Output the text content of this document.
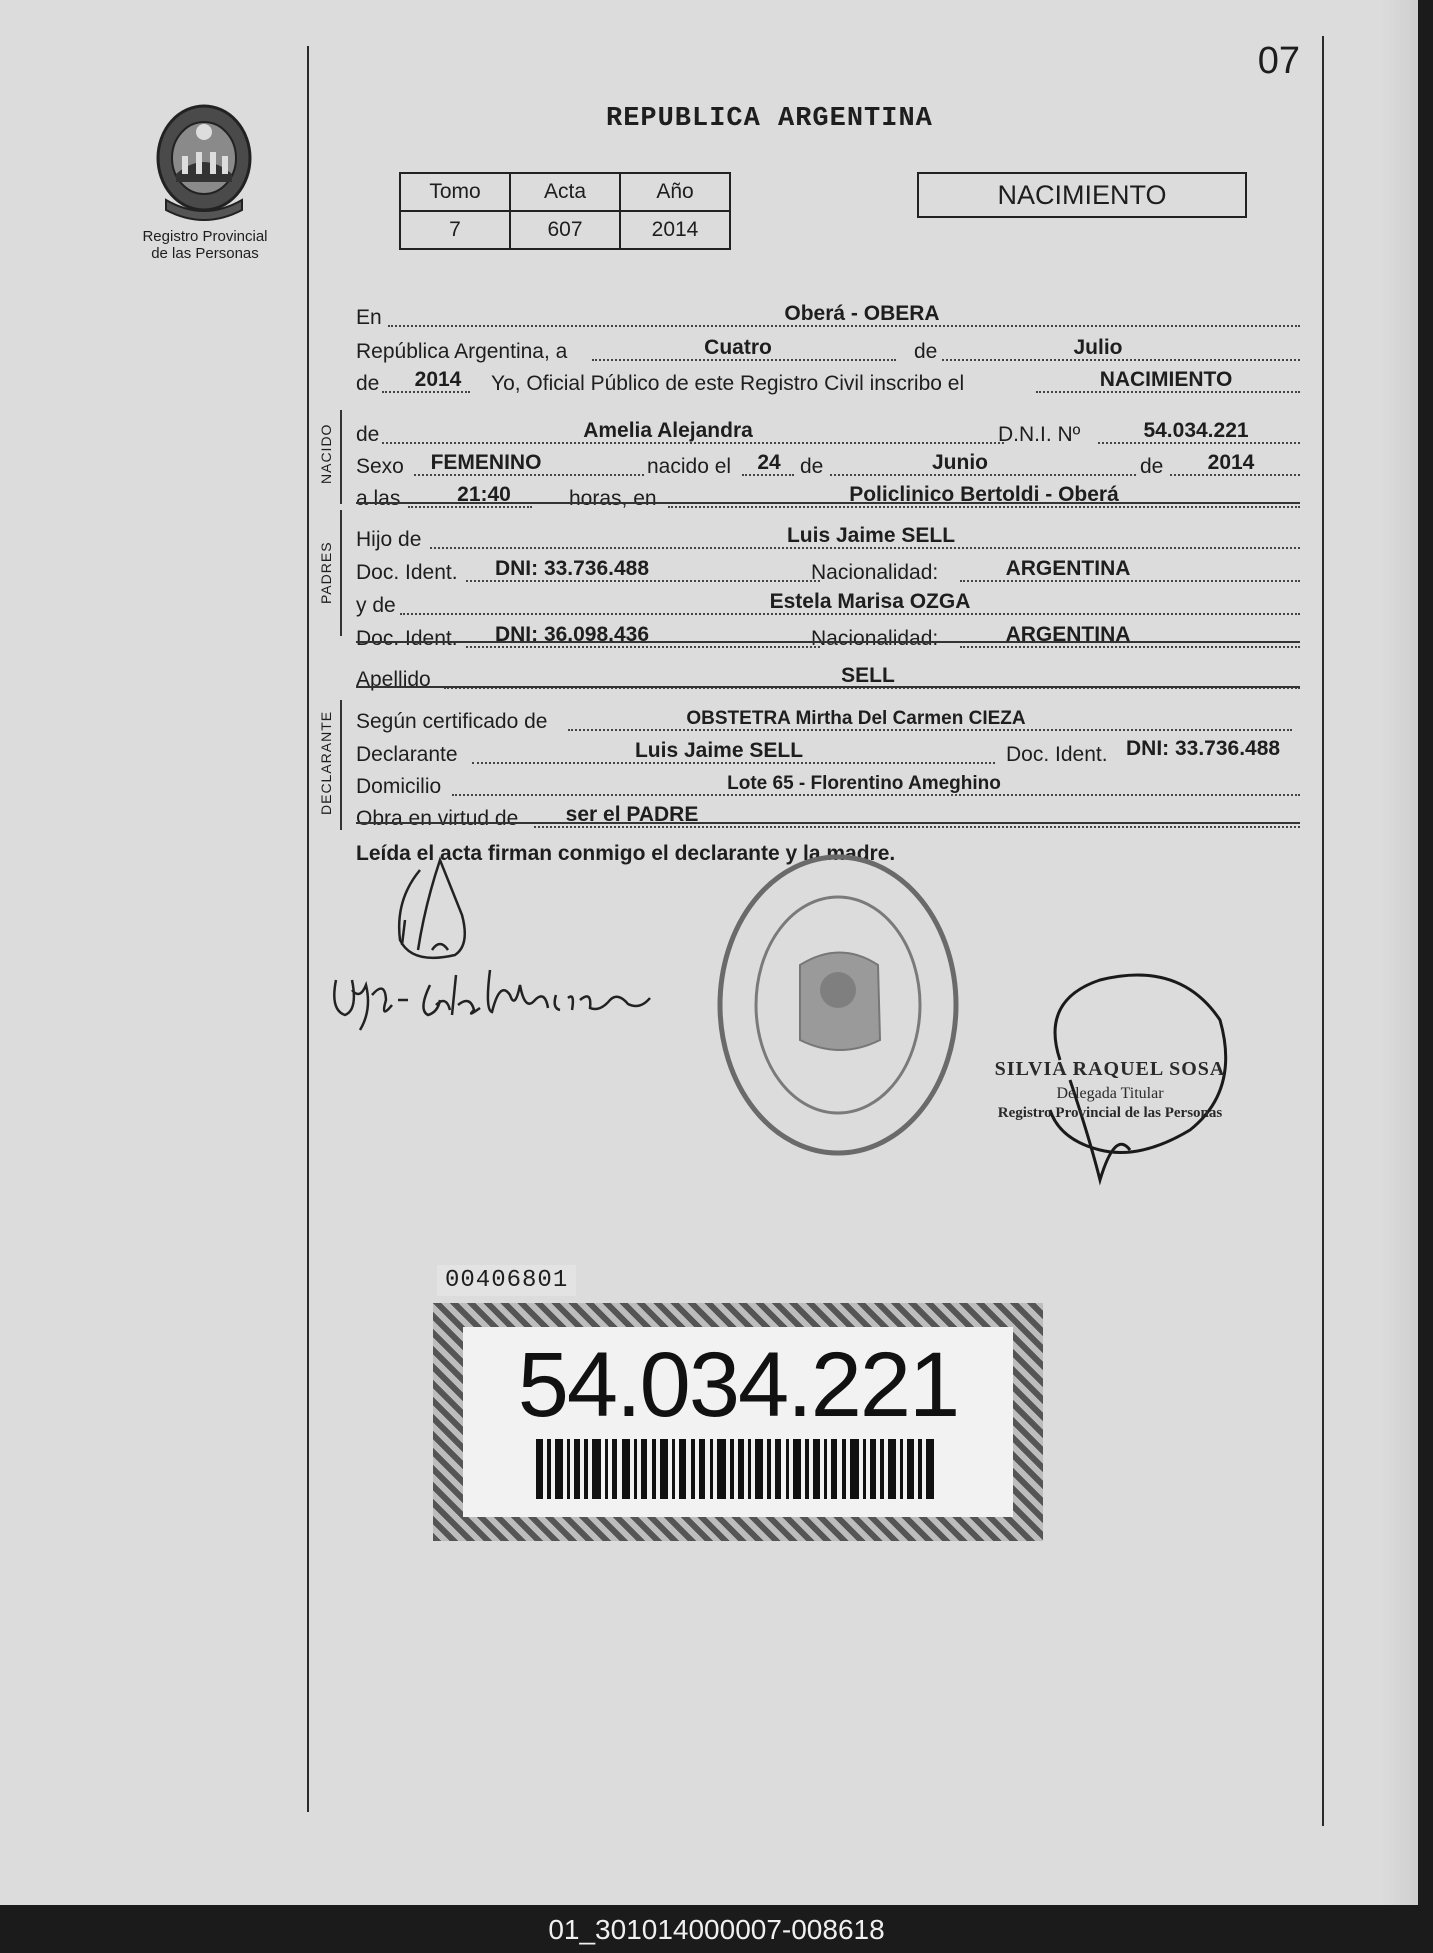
07
REPUBLICA ARGENTINA
Registro Provincial
de las Personas
Tomo	Acta	Año
7	607	2014
NACIMIENTO
En	Oberá - OBERA
República Argentina, a	Cuatro	de	Julio
de 2014 Yo, Oficial Público de este Registro Civil inscribo el	NACIMIENTO
NACIDO de	Amelia Alejandra	D.N.I. Nº	54.034.221
Sexo FEMENINO	nacido el 24 de	Junio	de 2014
a las	21:40	horas, en	Policlinico Bertoldi - Oberá
PADRES
Hijo de	Luis Jaime SELL
Doc. Ident. DNI: 33.736.488	Nacionalidad:	ARGENTINA
y de	Estela Marisa OZGA
Doc. Ident. DNI: 36.098.436	Nacionalidad:	ARGENTINA
Apellido	SELL
DECLARANTE Según certificado de	OBSTETRA Mirtha Del Carmen CIEZA
Declarante	Luis Jaime SELL	Doc. Ident. DNI: 33.736.488
Domicilio	Lote 65 - Florentino Ameghino
Obra en virtud de ser el PADRE
Leída el acta firman conmigo el declarante y la madre.
SILVIA RAQUEL SOSA
Delegada Titular
Registro Provincial de las Personas
00406801
54.034.221
01_301014000007-008618
